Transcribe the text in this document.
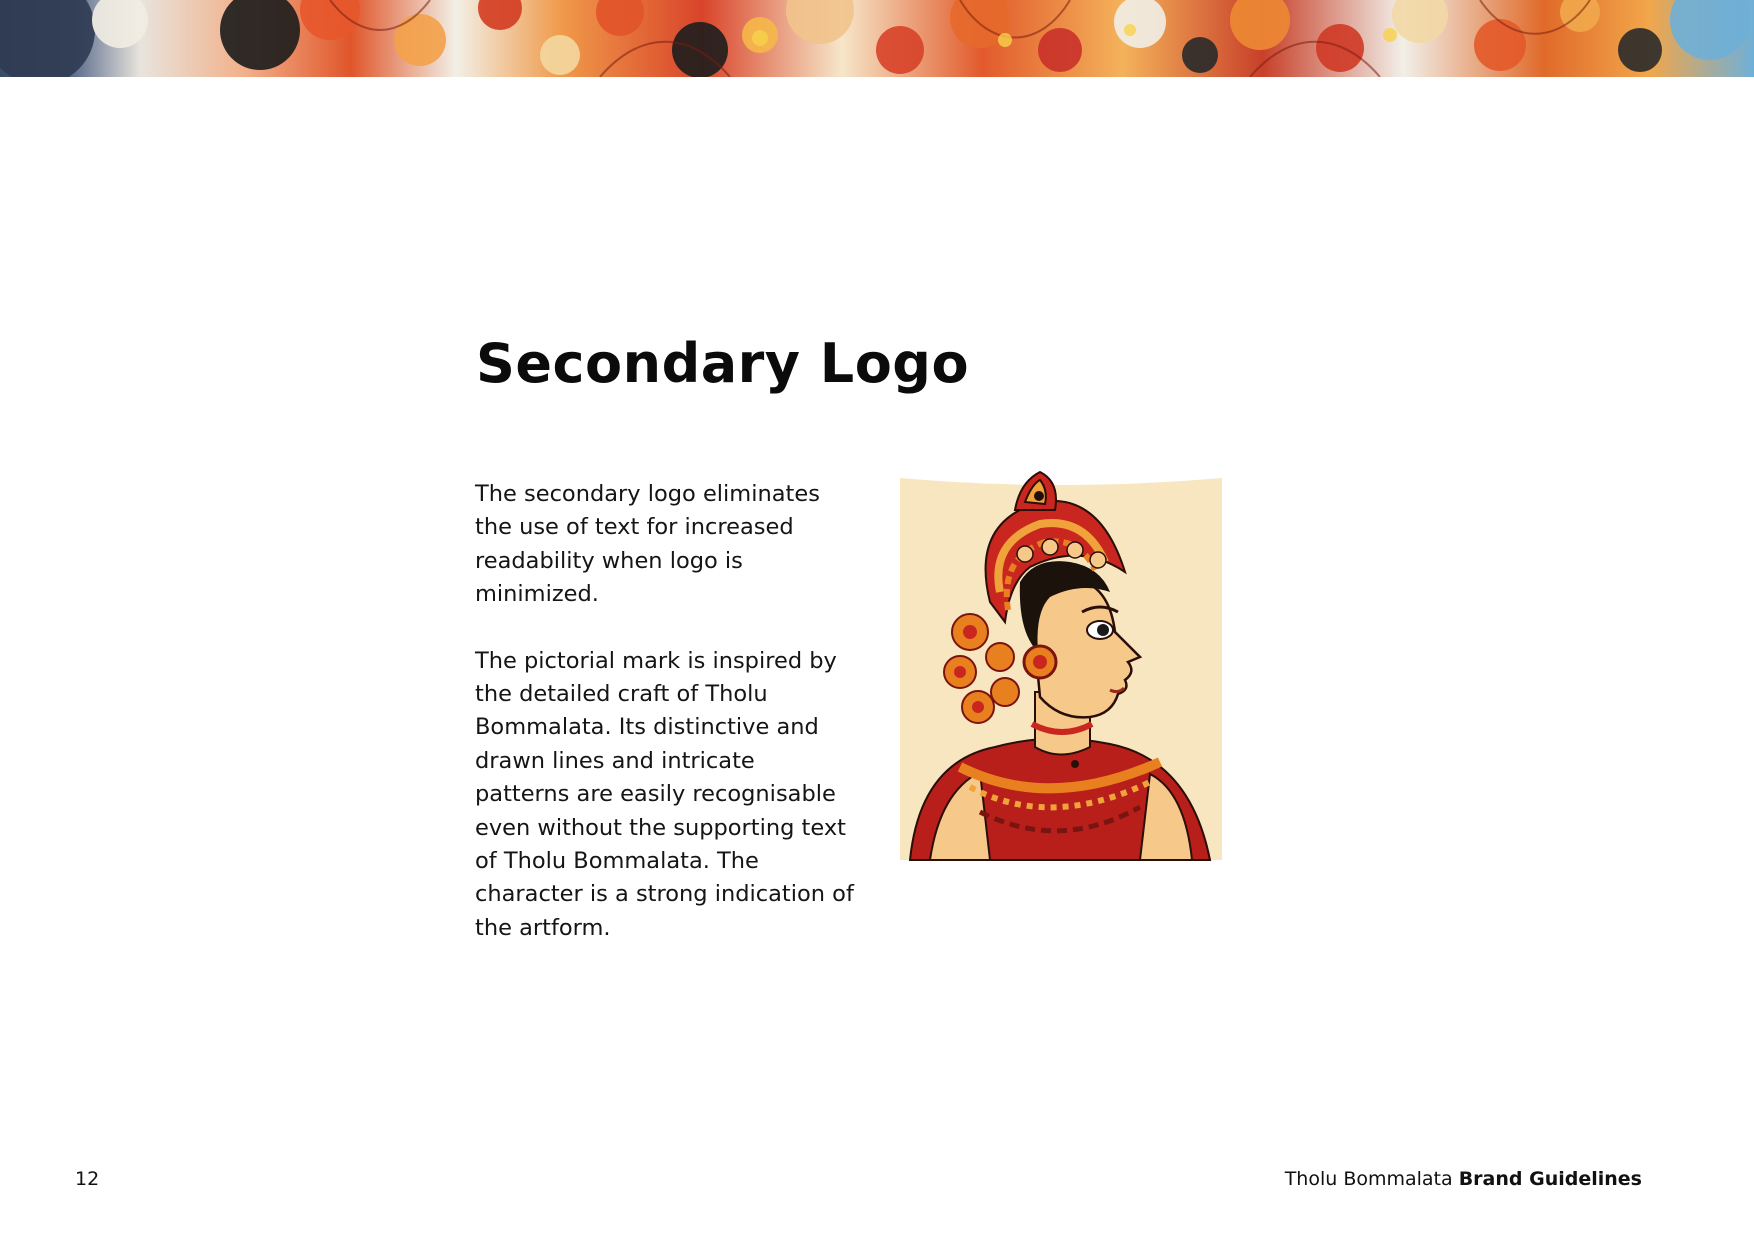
Secondary Logo

The secondary logo eliminates the use of text for increased readability when logo is minimized.

The pictorial mark is inspired by the detailed craft of Tholu Bommalata. Its distinctive and drawn lines and intricate patterns are easily recognisable even without the supporting text of Tholu Bommalata. The character is a strong indication of the artform.

12	Tholu Bommalata Brand Guidelines
